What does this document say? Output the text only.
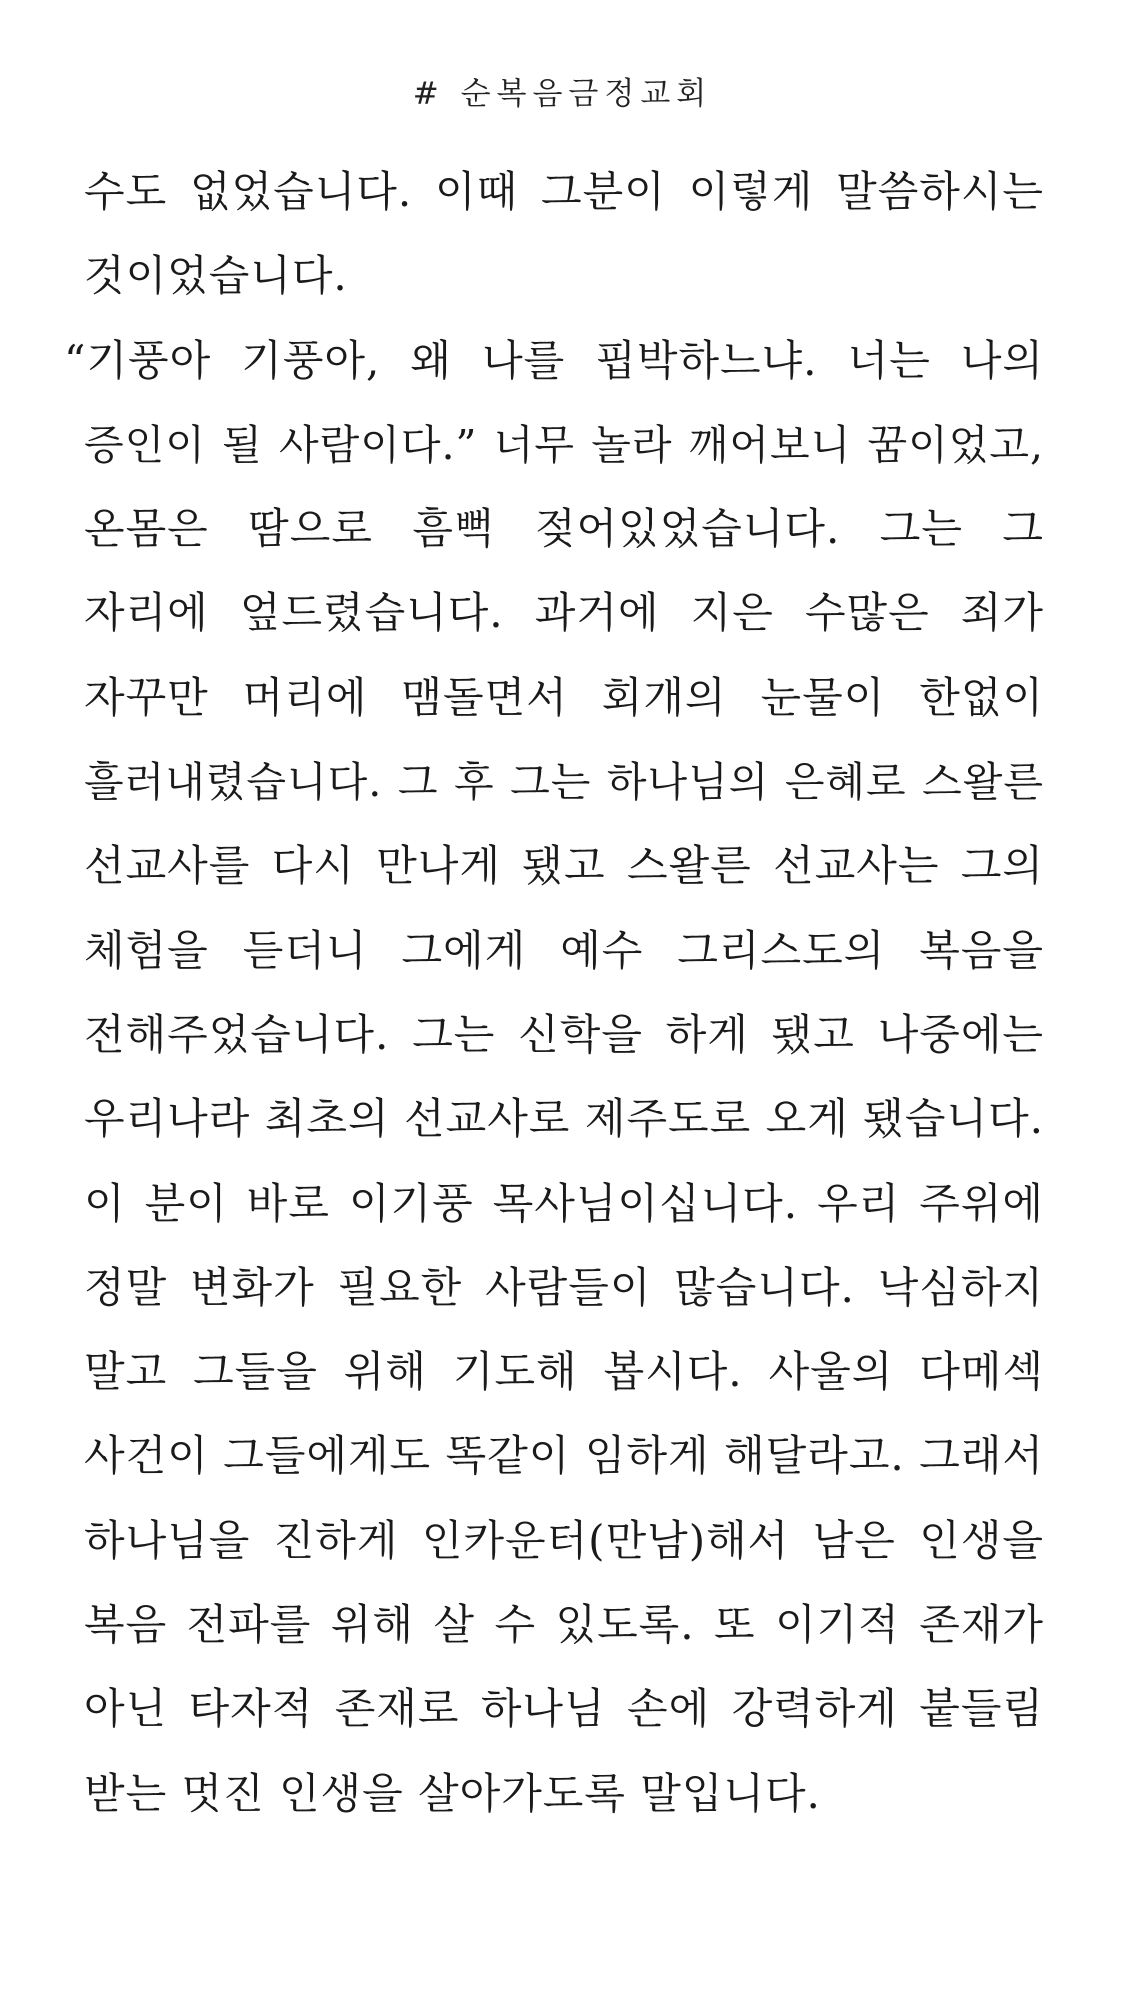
# 순복음금정교회
수도 없었습니다. 이때 그분이 이렇게 말씀하시는
것이었습니다.
“기풍아 기풍아, 왜 나를 핍박하느냐. 너는 나의
증인이 될 사람이다.” 너무 놀라 깨어보니 꿈이었고,
온몸은 땀으로 흠뻑 젖어있었습니다. 그는 그
자리에 엎드렸습니다. 과거에 지은 수많은 죄가
자꾸만 머리에 맴돌면서 회개의 눈물이 한없이
흘러내렸습니다. 그 후 그는 하나님의 은혜로 스왈른
선교사를 다시 만나게 됐고 스왈른 선교사는 그의
체험을 듣더니 그에게 예수 그리스도의 복음을
전해주었습니다. 그는 신학을 하게 됐고 나중에는
우리나라 최초의 선교사로 제주도로 오게 됐습니다.
이 분이 바로 이기풍 목사님이십니다. 우리 주위에
정말 변화가 필요한 사람들이 많습니다. 낙심하지
말고 그들을 위해 기도해 봅시다. 사울의 다메섹
사건이 그들에게도 똑같이 임하게 해달라고. 그래서
하나님을 진하게 인카운터(만남)해서 남은 인생을
복음 전파를 위해 살 수 있도록. 또 이기적 존재가
아닌 타자적 존재로 하나님 손에 강력하게 붙들림
받는 멋진 인생을 살아가도록 말입니다.
